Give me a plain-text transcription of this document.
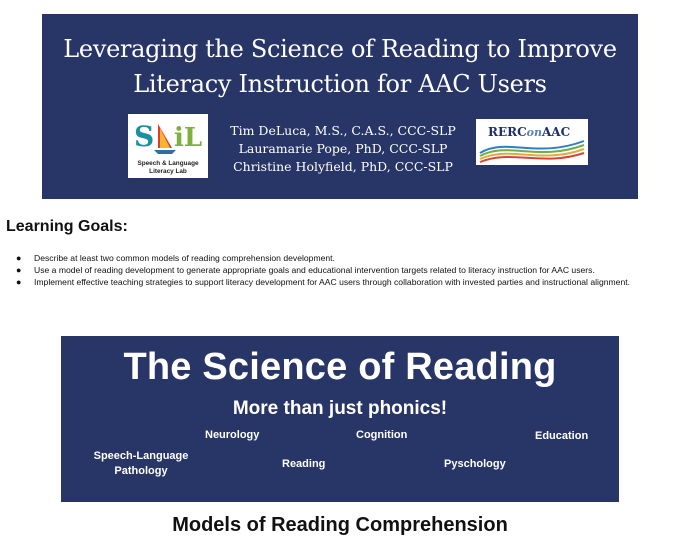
Leveraging the Science of Reading to Improve
Literacy Instruction for AAC Users
S iL
Speech & Language
Literacy Lab
Tim DeLuca, M.S., C.A.S., CCC-SLP
Lauramarie Pope, PhD, CCC-SLP
Christine Holyfield, PhD, CCC-SLP
RERConAAC
Learning Goals:
● Describe at least two common models of reading comprehension development.
● Use a model of reading development to generate appropriate goals and educational intervention targets related to literacy instruction for AAC users.
● Implement effective teaching strategies to support literacy development for AAC users through collaboration with invested parties and instructional alignment.
The Science of Reading
More than just phonics!
Neurology	Cognition	Education
Speech-Language
Pathology
Reading	Pyschology
Models of Reading Comprehension
